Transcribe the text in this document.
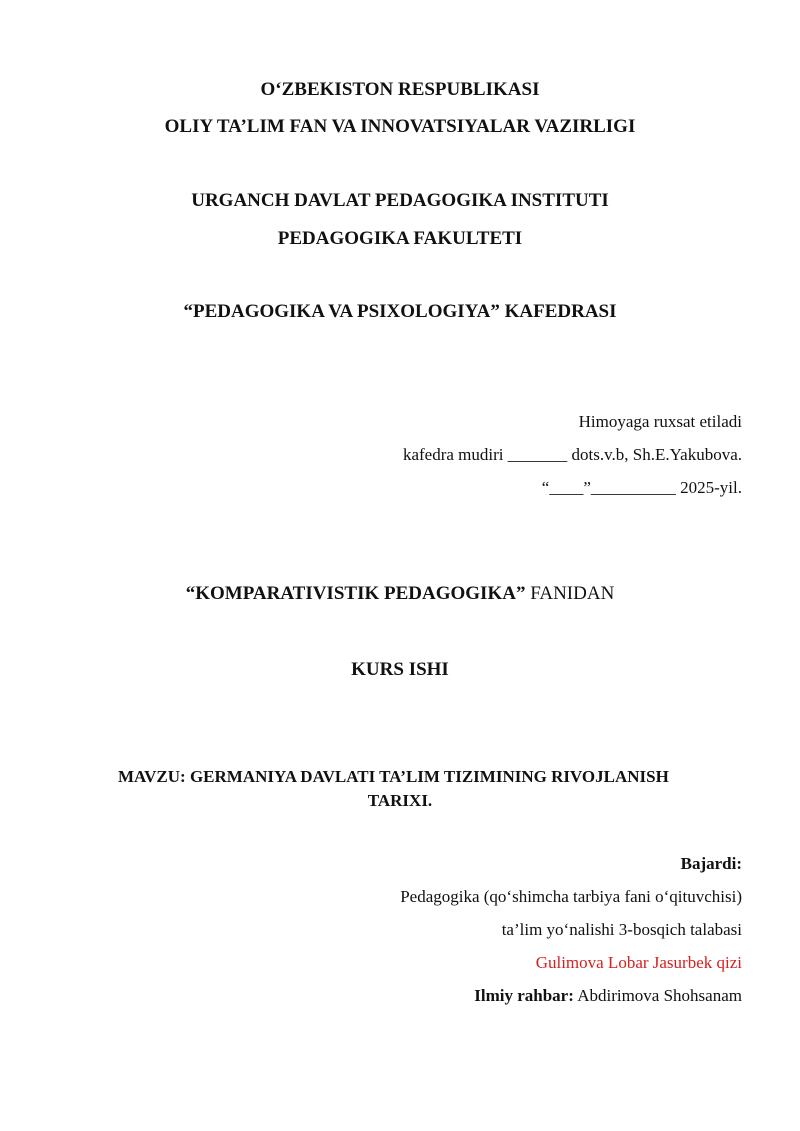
O‘ZBEKISTON RESPUBLIKASI
OLIY TA’LIM FAN VA INNOVATSIYALAR VAZIRLIGI
URGANCH DAVLAT PEDAGOGIKA INSTITUTI
PEDAGOGIKA FAKULTETI
“PEDAGOGIKA VA PSIXOLOGIYA” KAFEDRASI
Himoyaga ruxsat etiladi
kafedra mudiri _______ dots.v.b, Sh.E.Yakubova.
“____”__________ 2025-yil.
“KOMPARATIVISTIK PEDAGOGIKA” FANIDAN
KURS ISHI
MAVZU: GERMANIYA DAVLATI TA’LIM TIZIMINING RIVOJLANISH
TARIXI.
Bajardi:
Pedagogika (qo‘shimcha tarbiya fani o‘qituvchisi)
ta’lim yo‘nalishi 3-bosqich talabasi
Gulimova Lobar Jasurbek qizi
Ilmiy rahbar: Abdirimova Shohsanam
